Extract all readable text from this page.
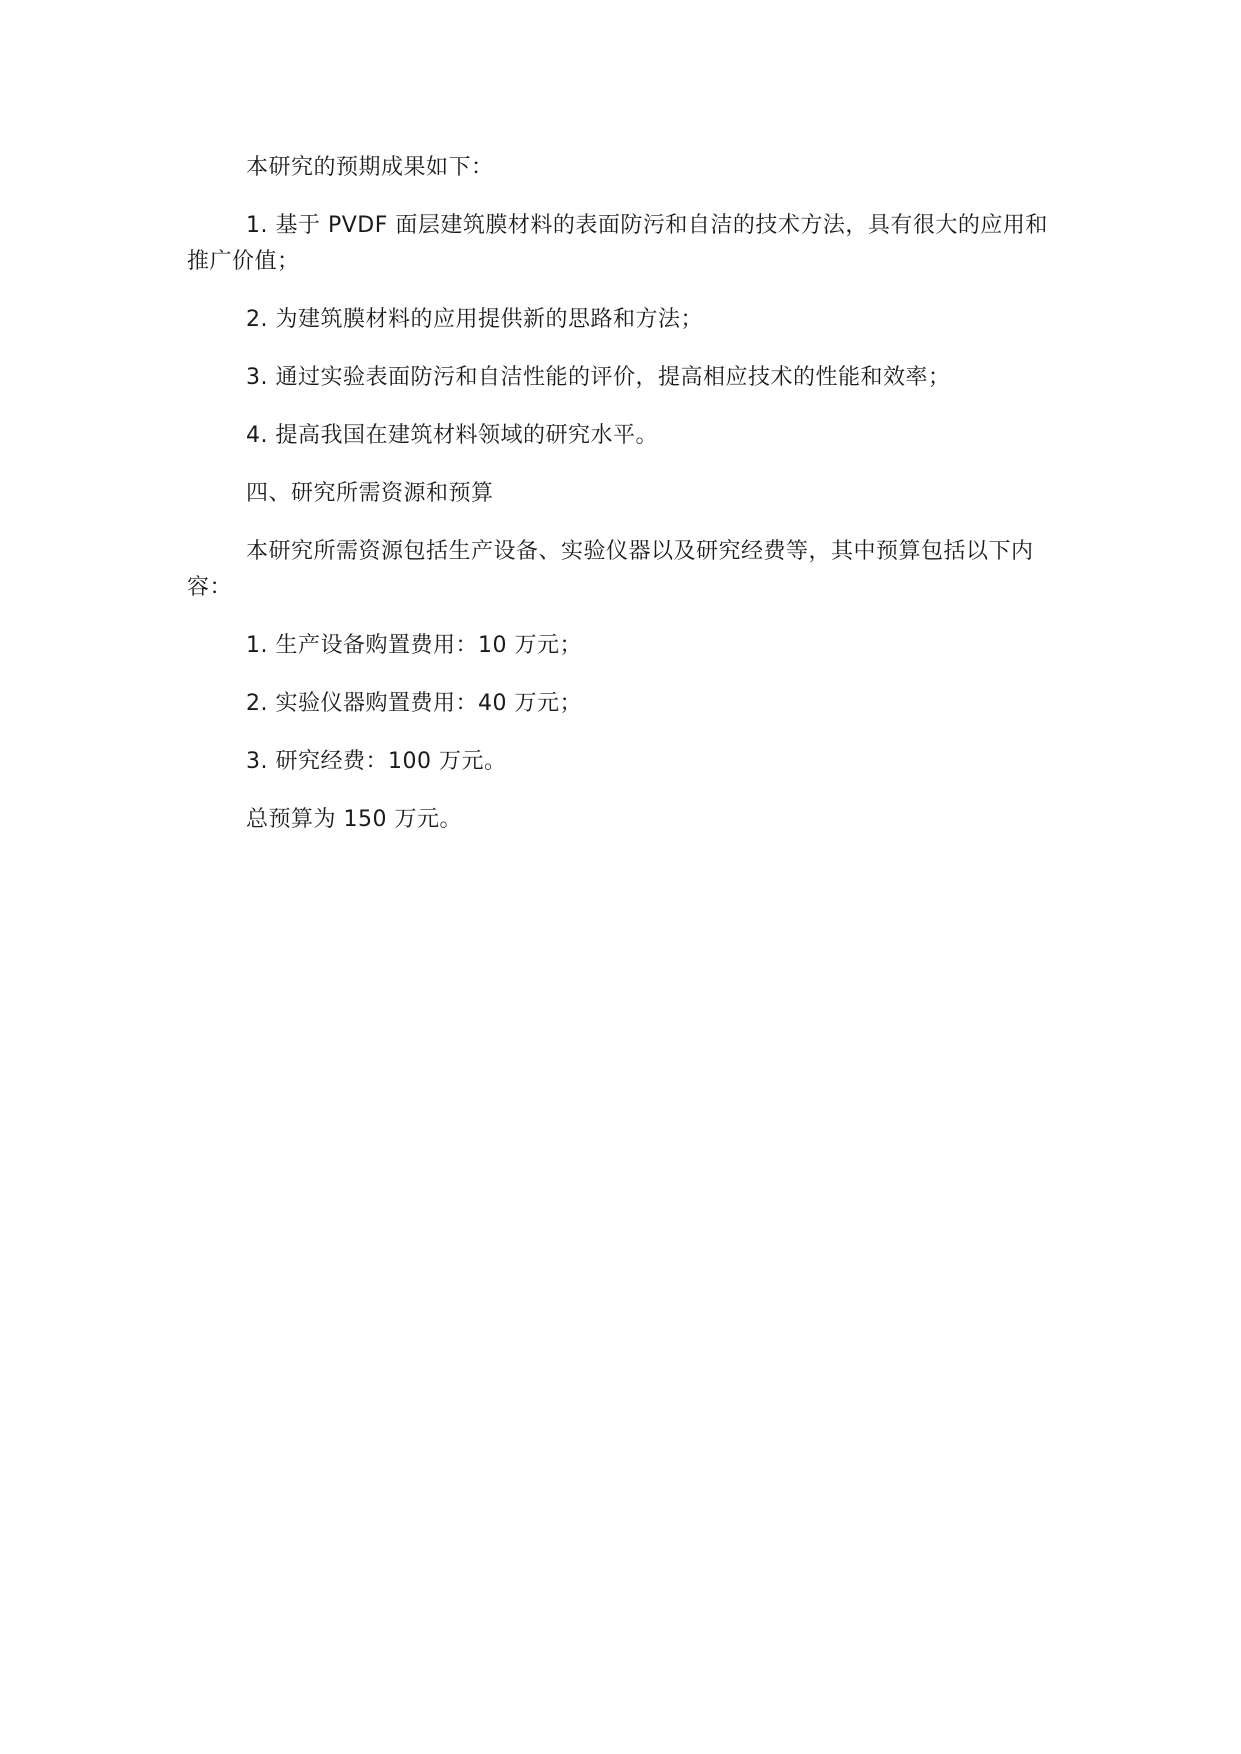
本研究的预期成果如下：

1. 基于 PVDF 面层建筑膜材料的表面防污和自洁的技术方法，具有很大的应用和推广价值；

2. 为建筑膜材料的应用提供新的思路和方法；

3. 通过实验表面防污和自洁性能的评价，提高相应技术的性能和效率；

4. 提高我国在建筑材料领域的研究水平。

四、研究所需资源和预算

本研究所需资源包括生产设备、实验仪器以及研究经费等，其中预算包括以下内容：

1. 生产设备购置费用：10 万元；

2. 实验仪器购置费用：40 万元；

3. 研究经费：100 万元。

总预算为 150 万元。
